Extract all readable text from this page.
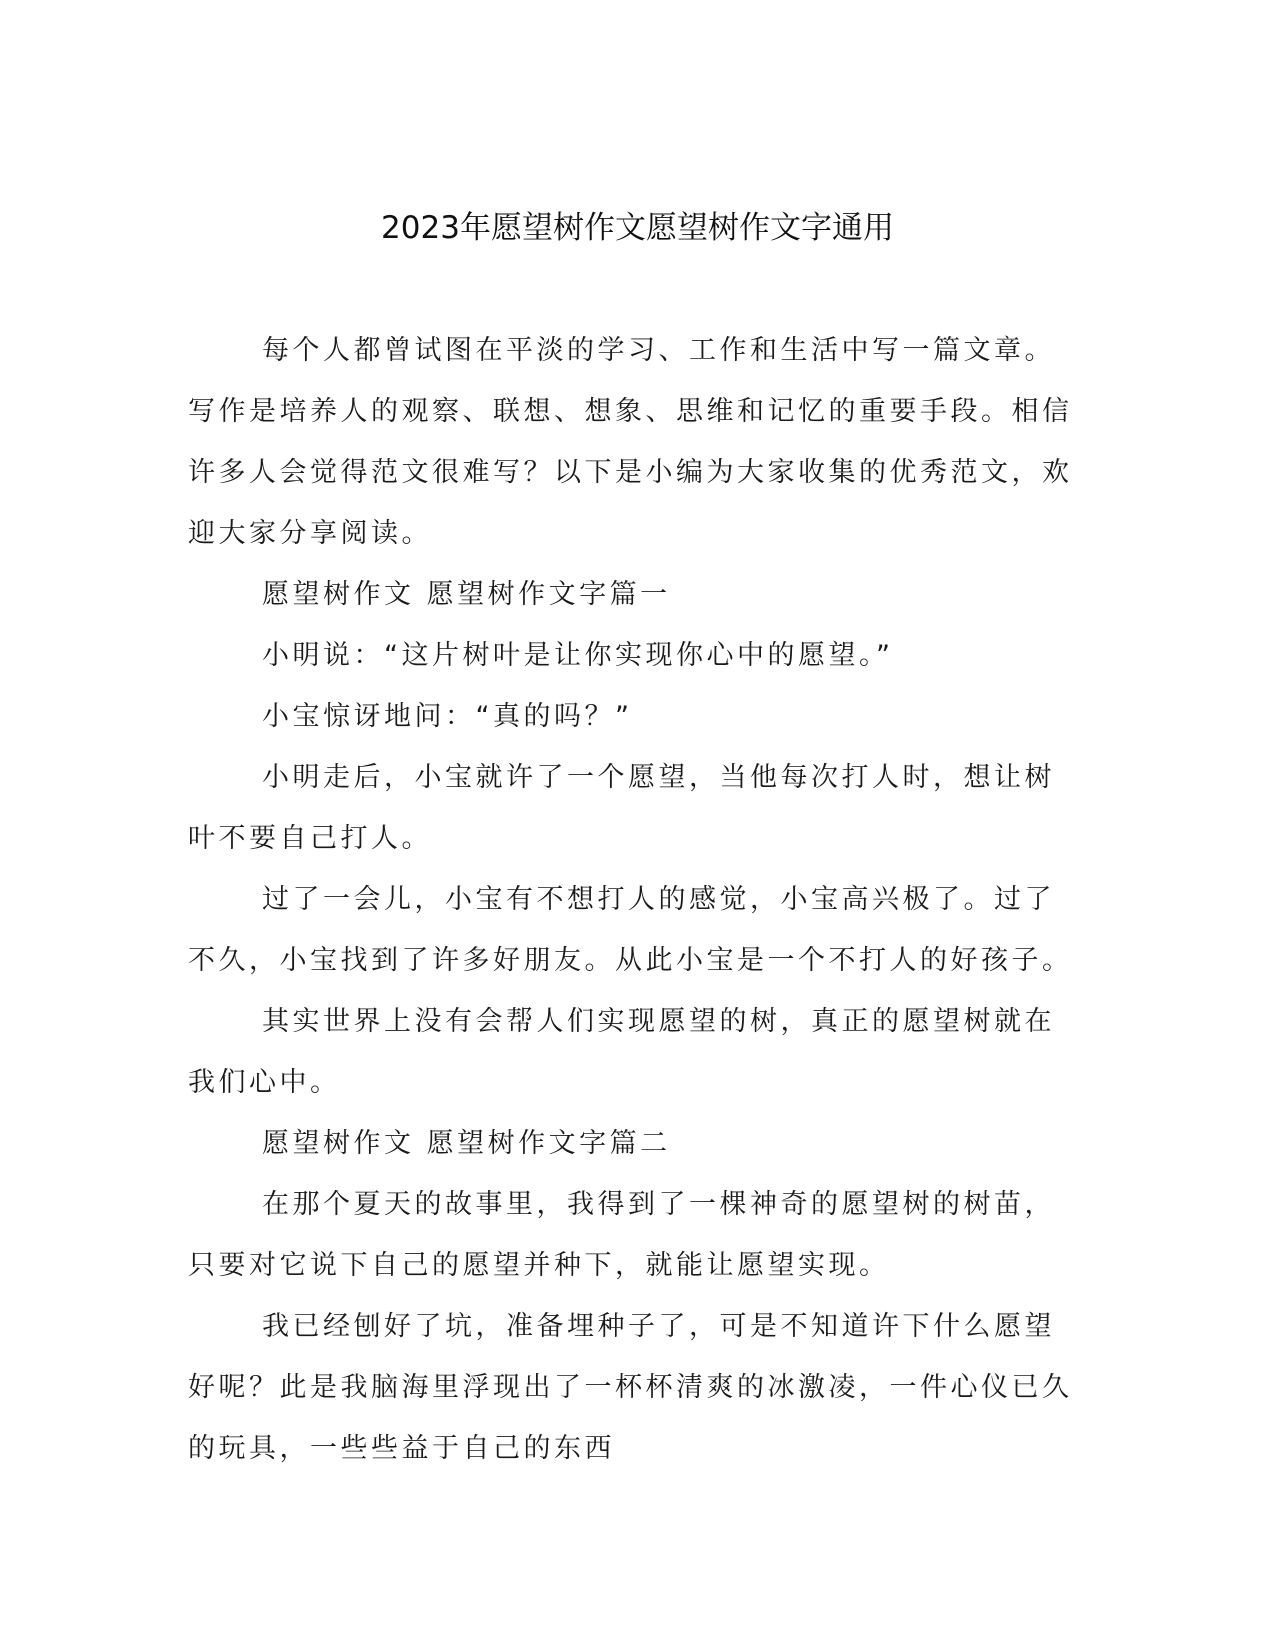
2023年愿望树作文愿望树作文字通用

每个人都曾试图在平淡的学习、工作和生活中写一篇文章。写作是培养人的观察、联想、想象、思维和记忆的重要手段。相信许多人会觉得范文很难写？以下是小编为大家收集的优秀范文，欢迎大家分享阅读。

愿望树作文 愿望树作文字篇一

小明说：“这片树叶是让你实现你心中的愿望。”

小宝惊讶地问：“真的吗？”

小明走后，小宝就许了一个愿望，当他每次打人时，想让树叶不要自己打人。

过了一会儿，小宝有不想打人的感觉，小宝高兴极了。过了不久，小宝找到了许多好朋友。从此小宝是一个不打人的好孩子。

其实世界上没有会帮人们实现愿望的树，真正的愿望树就在我们心中。

愿望树作文 愿望树作文字篇二

在那个夏天的故事里，我得到了一棵神奇的愿望树的树苗，只要对它说下自己的愿望并种下，就能让愿望实现。

我已经刨好了坑，准备埋种子了，可是不知道许下什么愿望好呢？此是我脑海里浮现出了一杯杯清爽的冰激凌，一件心仪已久的玩具，一些些益于自己的东西
